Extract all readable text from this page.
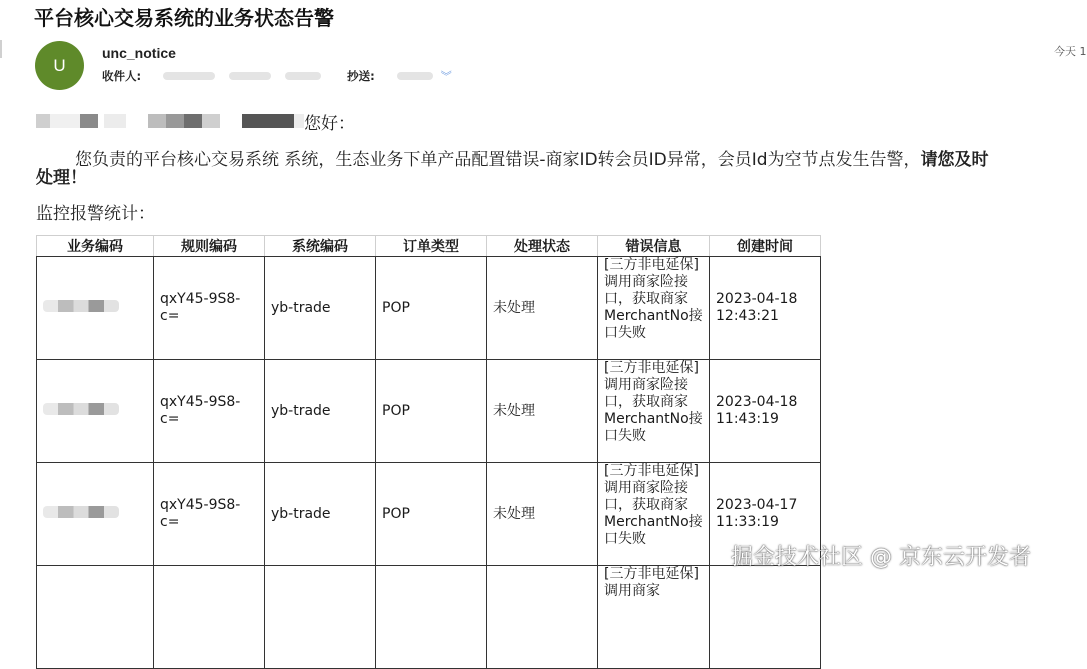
平台核心交易系统的业务状态告警
U
unc_notice
收件人:	抄送:	︾
今天 1
您好：
您负责的平台核心交易系统 系统，生态业务下单产品配置错误-商家ID转会员ID异常，会员Id为空节点发生告警，请您及时
处理！
监控报警统计：
业务编码	规则编码	系统编码	订单类型	处理状态	错误信息	创建时间
	qxY45-9S8-c=	yb-trade	POP	未处理	[三方非电延保]调用商家险接口，获取商家MerchantNo接口失败	2023-04-18 12:43:21
	qxY45-9S8-c=	yb-trade	POP	未处理	[三方非电延保]调用商家险接口，获取商家MerchantNo接口失败	2023-04-18 11:43:19
	qxY45-9S8-c=	yb-trade	POP	未处理	[三方非电延保]调用商家险接口，获取商家MerchantNo接口失败	2023-04-17 11:33:19
					[三方非电延保]调用商家	
掘金技术社区 @ 京东云开发者
